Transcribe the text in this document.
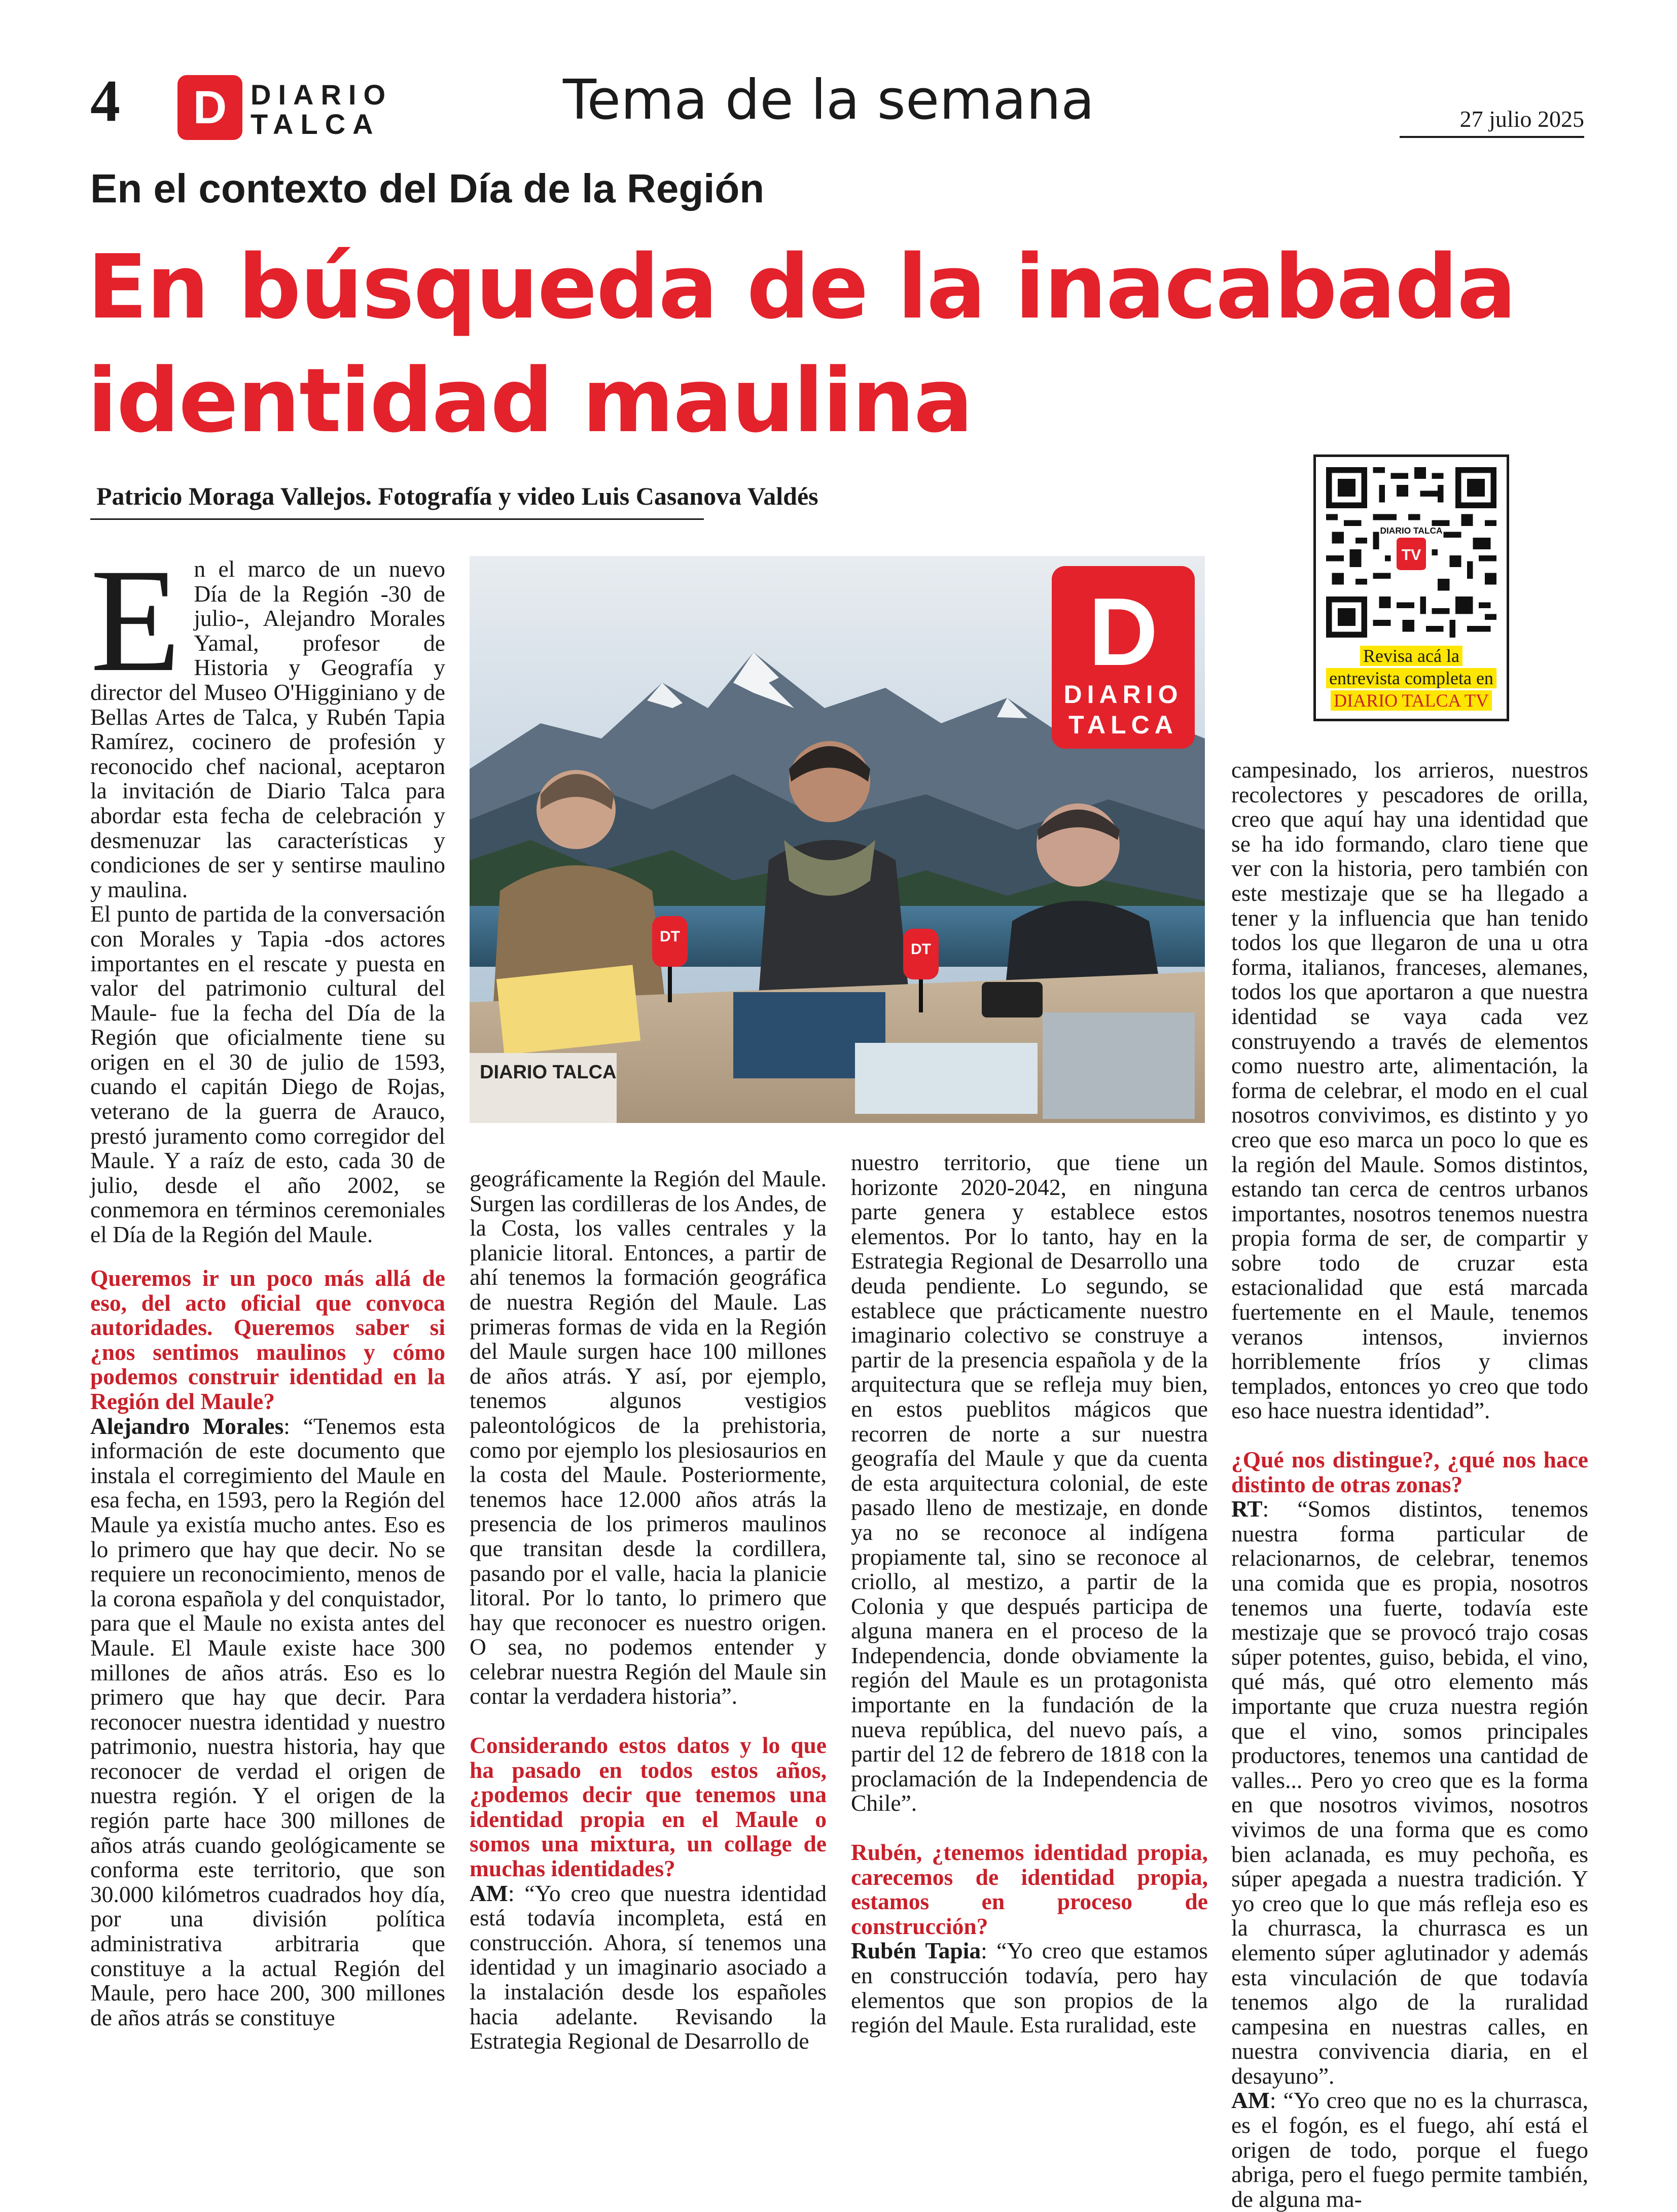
4	D DIARIO
TALCA	Tema de la semana	27 julio 2025
En el contexto del Día de la Región
En búsqueda de la inacabada identidad maulina
Patricio Moraga Vallejos. Fotografía y video Luis Casanova Valdés
DIARIO TALCA
TV
Revisa acá la
entrevista completa en
DIARIO TALCA TV
D
DIARIO
TALCA
DIARIO TALCA
DT
DT
E n el marco de un nuevo Día de la Región -30 de julio-, Alejandro Morales Yamal, profesor de Historia y Geografía y director del Museo O'Higginiano y de Bellas Artes de Talca, y Rubén Tapia Ramírez, cocinero de profesión y reconocido chef nacional, aceptaron la invitación de Diario Talca para abordar esta fecha de celebración y desmenuzar las características y condiciones de ser y sentirse maulino y maulina.

El punto de partida de la conversación con Morales y Tapia -dos actores importantes en el rescate y puesta en valor del patrimonio cultural del Maule- fue la fecha del Día de la Región que oficialmente tiene su origen en el 30 de julio de 1593, cuando el capitán Diego de Rojas, veterano de la guerra de Arauco, prestó juramento como corregidor del Maule. Y a raíz de esto, cada 30 de julio, desde el año 2002, se conmemora en términos ceremoniales el Día de la Región del Maule.

Queremos ir un poco más allá de eso, del acto oficial que convoca autoridades. Queremos saber si ¿nos sentimos maulinos y cómo podemos construir identidad en la Región del Maule?

Alejandro Morales: “Tenemos esta información de este documento que instala el corregimiento del Maule en esa fecha, en 1593, pero la Región del Maule ya existía mucho antes. Eso es lo primero que hay que decir. No se requiere un reconocimiento, menos de la corona española y del conquistador, para que el Maule no exista antes del Maule. El Maule existe hace 300 millones de años atrás. Eso es lo primero que hay que decir. Para reconocer nuestra identidad y nuestro patrimonio, nuestra historia, hay que reconocer de verdad el origen de nuestra región. Y el origen de la región parte hace 300 millones de años atrás cuando geológicamente se conforma este territorio, que son 30.000 kilómetros cuadrados hoy día, por una división política administrativa arbitraria que constituye a la actual Región del Maule, pero hace 200, 300 millones de años atrás se constituye

geográficamente la Región del Maule. Surgen las cordilleras de los Andes, de la Costa, los valles centrales y la planicie litoral. Entonces, a partir de ahí tenemos la formación geográfica de nuestra Región del Maule. Las primeras formas de vida en la Región del Maule surgen hace 100 millones de años atrás. Y así, por ejemplo, tenemos algunos vestigios paleontológicos de la prehistoria, como por ejemplo los plesiosaurios en la costa del Maule. Posteriormente, tenemos hace 12.000 años atrás la presencia de los primeros maulinos que transitan desde la cordillera, pasando por el valle, hacia la planicie litoral. Por lo tanto, lo primero que hay que reconocer es nuestro origen. O sea, no podemos entender y celebrar nuestra Región del Maule sin contar la verdadera historia”.

Considerando estos datos y lo que ha pasado en todos estos años, ¿podemos decir que tenemos una identidad propia en el Maule o somos una mixtura, un collage de muchas identidades?

AM: “Yo creo que nuestra identidad está todavía incompleta, está en construcción. Ahora, sí tenemos una identidad y un imaginario asociado a la instalación desde los españoles hacia adelante. Revisando la Estrategia Regional de Desarrollo de

nuestro territorio, que tiene un horizonte 2020-2042, en ninguna parte genera y establece estos elementos. Por lo tanto, hay en la Estrategia Regional de Desarrollo una deuda pendiente. Lo segundo, se establece que prácticamente nuestro imaginario colectivo se construye a partir de la presencia española y de la arquitectura que se refleja muy bien, en estos pueblitos mágicos que recorren de norte a sur nuestra geografía del Maule y que da cuenta de esta arquitectura colonial, de este pasado lleno de mestizaje, en donde ya no se reconoce al indígena propiamente tal, sino se reconoce al criollo, al mestizo, a partir de la Colonia y que después participa de alguna manera en el proceso de la Independencia, donde obviamente la región del Maule es un protagonista importante en la fundación de la nueva república, del nuevo país, a partir del 12 de febrero de 1818 con la proclamación de la Independencia de Chile”.

Rubén, ¿tenemos identidad propia, carecemos de identidad propia, estamos en proceso de construcción?

Rubén Tapia: “Yo creo que estamos en construcción todavía, pero hay elementos que son propios de la región del Maule. Esta ruralidad, este

campesinado, los arrieros, nuestros recolectores y pescadores de orilla, creo que aquí hay una identidad que se ha ido formando, claro tiene que ver con la historia, pero también con este mestizaje que se ha llegado a tener y la influencia que han tenido todos los que llegaron de una u otra forma, italianos, franceses, alemanes, todos los que aportaron a que nuestra identidad se vaya cada vez construyendo a través de elementos como nuestro arte, alimentación, la forma de celebrar, el modo en el cual nosotros convivimos, es distinto y yo creo que eso marca un poco lo que es la región del Maule. Somos distintos, estando tan cerca de centros urbanos importantes, nosotros tenemos nuestra propia forma de ser, de compartir y sobre todo de cruzar esta estacionalidad que está marcada fuertemente en el Maule, tenemos veranos intensos, inviernos horriblemente fríos y climas templados, entonces yo creo que todo eso hace nuestra identidad”.

¿Qué nos distingue?, ¿qué nos hace distinto de otras zonas?

RT: “Somos distintos, tenemos nuestra forma particular de relacionarnos, de celebrar, tenemos una comida que es propia, nosotros tenemos una fuerte, todavía este mestizaje que se provocó trajo cosas súper potentes, guiso, bebida, el vino, qué más, qué otro elemento más importante que cruza nuestra región que el vino, somos principales productores, tenemos una cantidad de valles... Pero yo creo que es la forma en que nosotros vivimos, nosotros vivimos de una forma que es como bien aclanada, es muy pechoña, es súper apegada a nuestra tradición. Y yo creo que lo que más refleja eso es la churrasca, la churrasca es un elemento súper aglutinador y además esta vinculación de que todavía tenemos algo de la ruralidad campesina en nuestras calles, en nuestra convivencia diaria, en el desayuno”.

AM: “Yo creo que no es la churrasca, es el fogón, es el fuego, ahí está el origen de todo, porque el fuego abriga, pero el fuego permite también, de alguna ma-
